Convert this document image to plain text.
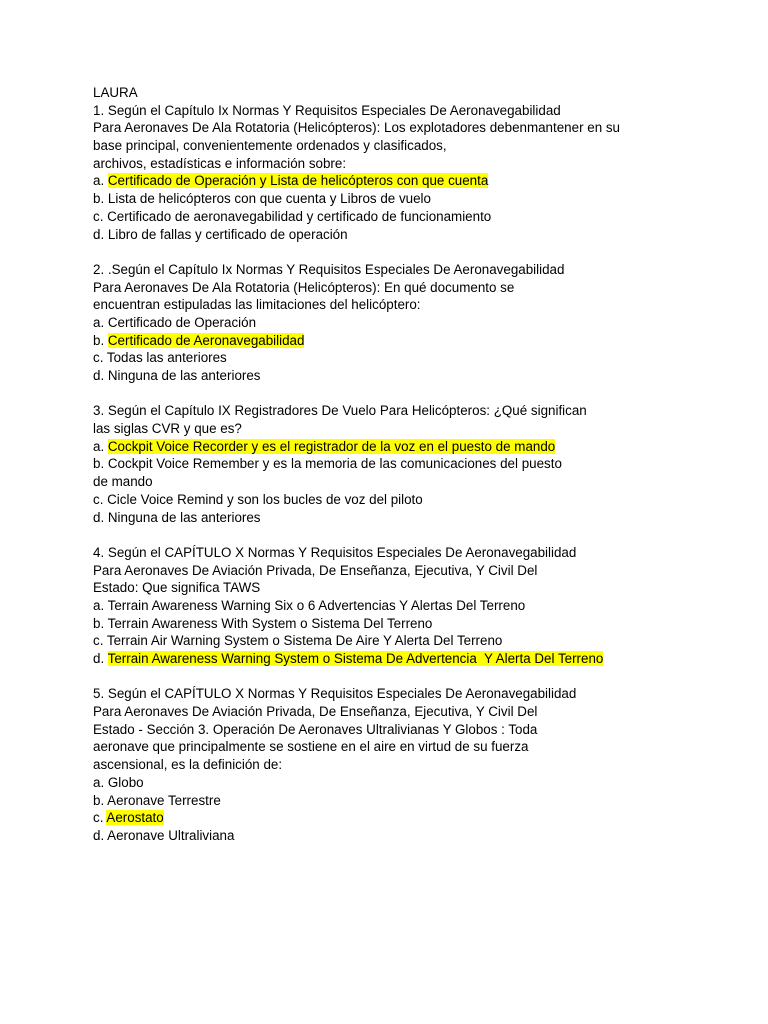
LAURA
1. Según el Capítulo Ix Normas Y Requisitos Especiales De Aeronavegabilidad
Para Aeronaves De Ala Rotatoria (Helicópteros): Los explotadores debenmantener en su
base principal, convenientemente ordenados y clasificados,
archivos, estadísticas e información sobre:
a. Certificado de Operación y Lista de helicópteros con que cuenta
b. Lista de helicópteros con que cuenta y Libros de vuelo
c. Certificado de aeronavegabilidad y certificado de funcionamiento
d. Libro de fallas y certificado de operación
2. .Según el Capítulo Ix Normas Y Requisitos Especiales De Aeronavegabilidad
Para Aeronaves De Ala Rotatoria (Helicópteros): En qué documento se
encuentran estipuladas las limitaciones del helicóptero:
a. Certificado de Operación
b. Certificado de Aeronavegabilidad
c. Todas las anteriores
d. Ninguna de las anteriores
3. Según el Capítulo IX Registradores De Vuelo Para Helicópteros: ¿Qué significan
las siglas CVR y que es?
a. Cockpit Voice Recorder y es el registrador de la voz en el puesto de mando
b. Cockpit Voice Remember y es la memoria de las comunicaciones del puesto
de mando
c. Cicle Voice Remind y son los bucles de voz del piloto
d. Ninguna de las anteriores
4. Según el CAPÍTULO X Normas Y Requisitos Especiales De Aeronavegabilidad
Para Aeronaves De Aviación Privada, De Enseñanza, Ejecutiva, Y Civil Del
Estado: Que significa TAWS
a. Terrain Awareness Warning Six o 6 Advertencias Y Alertas Del Terreno
b. Terrain Awareness With System o Sistema Del Terreno
c. Terrain Air Warning System o Sistema De Aire Y Alerta Del Terreno
d. Terrain Awareness Warning System o Sistema De Advertencia  Y Alerta Del Terreno
5. Según el CAPÍTULO X Normas Y Requisitos Especiales De Aeronavegabilidad
Para Aeronaves De Aviación Privada, De Enseñanza, Ejecutiva, Y Civil Del
Estado - Sección 3. Operación De Aeronaves Ultralivianas Y Globos : Toda
aeronave que principalmente se sostiene en el aire en virtud de su fuerza
ascensional, es la definición de:
a. Globo
b. Aeronave Terrestre
c. Aerostato
d. Aeronave Ultraliviana
